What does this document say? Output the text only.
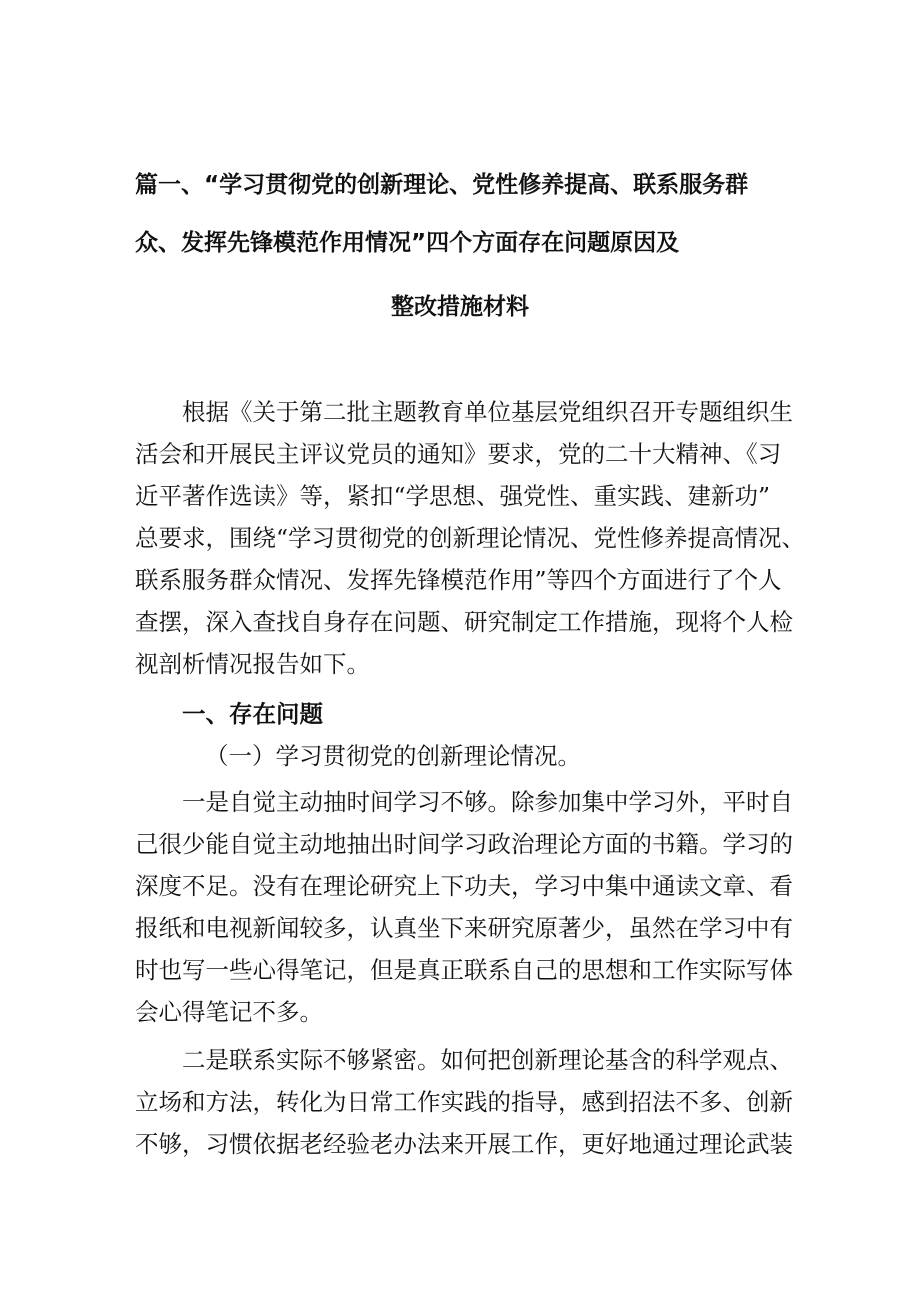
篇一、“学习贯彻党的创新理论、党性修养提高、联系服务群
众、发挥先锋模范作用情况”四个方面存在问题原因及
整改措施材料
根据《关于第二批主题教育单位基层党组织召开专题组织生
活会和开展民主评议党员的通知》要求，党的二十大精神、《习
近平著作选读》等，紧扣“学思想、强党性、重实践、建新功”
总要求，围绕“学习贯彻党的创新理论情况、党性修养提高情况、
联系服务群众情况、发挥先锋模范作用”等四个方面进行了个人
查摆，深入查找自身存在问题、研究制定工作措施，现将个人检
视剖析情况报告如下。
一、存在问题
（一）学习贯彻党的创新理论情况。
一是自觉主动抽时间学习不够。除参加集中学习外，平时自
己很少能自觉主动地抽出时间学习政治理论方面的书籍。学习的
深度不足。没有在理论研究上下功夫，学习中集中通读文章、看
报纸和电视新闻较多，认真坐下来研究原著少，虽然在学习中有
时也写一些心得笔记，但是真正联系自己的思想和工作实际写体
会心得笔记不多。
二是联系实际不够紧密。如何把创新理论基含的科学观点、
立场和方法，转化为日常工作实践的指导，感到招法不多、创新
不够，习惯依据老经验老办法来开展工作，更好地通过理论武装
